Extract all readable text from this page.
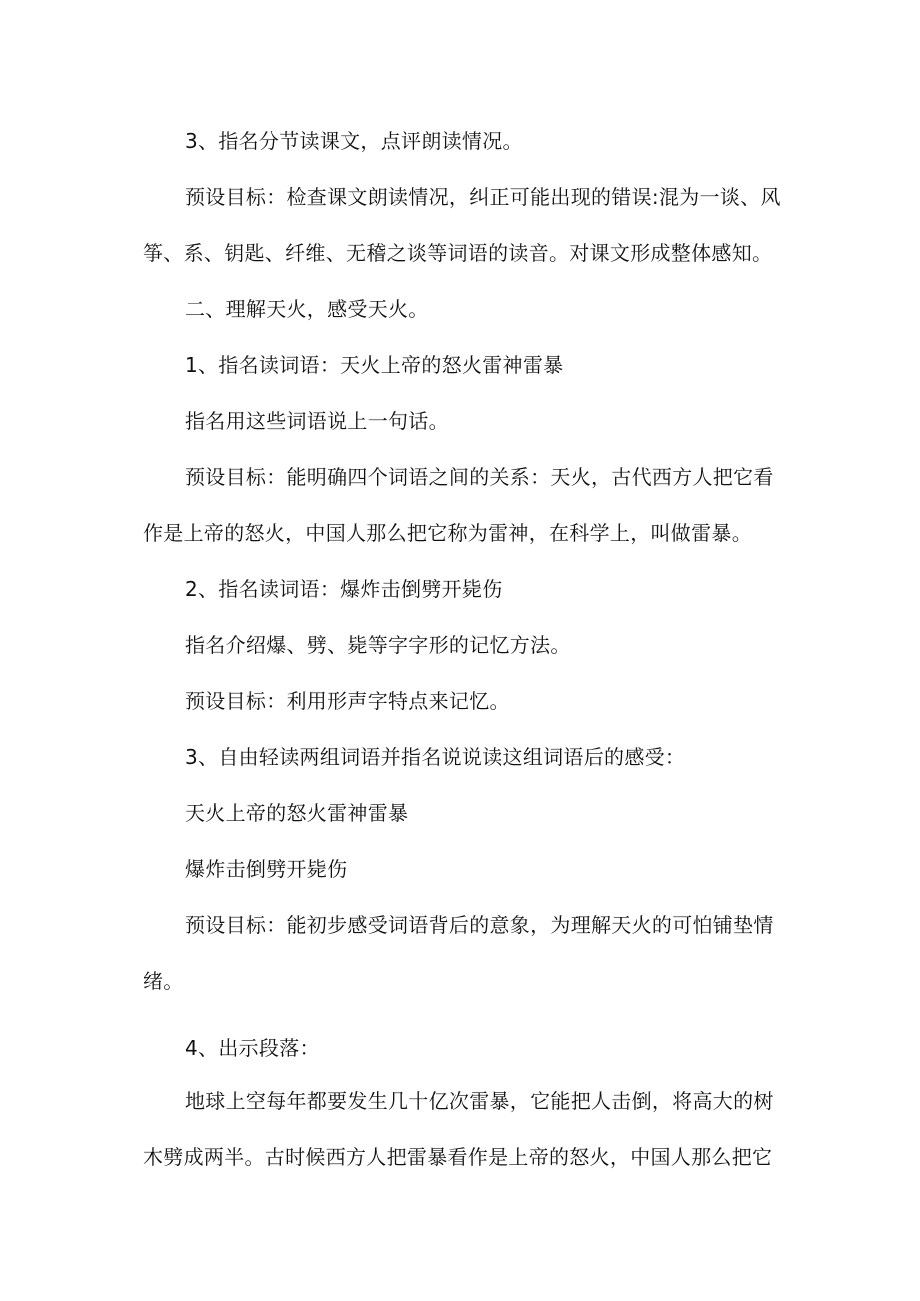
3、指名分节读课文，点评朗读情况。
预设目标：检查课文朗读情况，纠正可能出现的错误:混为一谈、风
筝、系、钥匙、纤维、无稽之谈等词语的读音。对课文形成整体感知。
二、理解天火，感受天火。
1、指名读词语：天火上帝的怒火雷神雷暴
指名用这些词语说上一句话。
预设目标：能明确四个词语之间的关系：天火，古代西方人把它看
作是上帝的怒火，中国人那么把它称为雷神，在科学上，叫做雷暴。
2、指名读词语：爆炸击倒劈开毙伤
指名介绍爆、劈、毙等字字形的记忆方法。
预设目标：利用形声字特点来记忆。
3、自由轻读两组词语并指名说说读这组词语后的感受：
天火上帝的怒火雷神雷暴
爆炸击倒劈开毙伤
预设目标：能初步感受词语背后的意象，为理解天火的可怕铺垫情
绪。
4、出示段落：
地球上空每年都要发生几十亿次雷暴，它能把人击倒，将高大的树
木劈成两半。古时候西方人把雷暴看作是上帝的怒火，中国人那么把它
